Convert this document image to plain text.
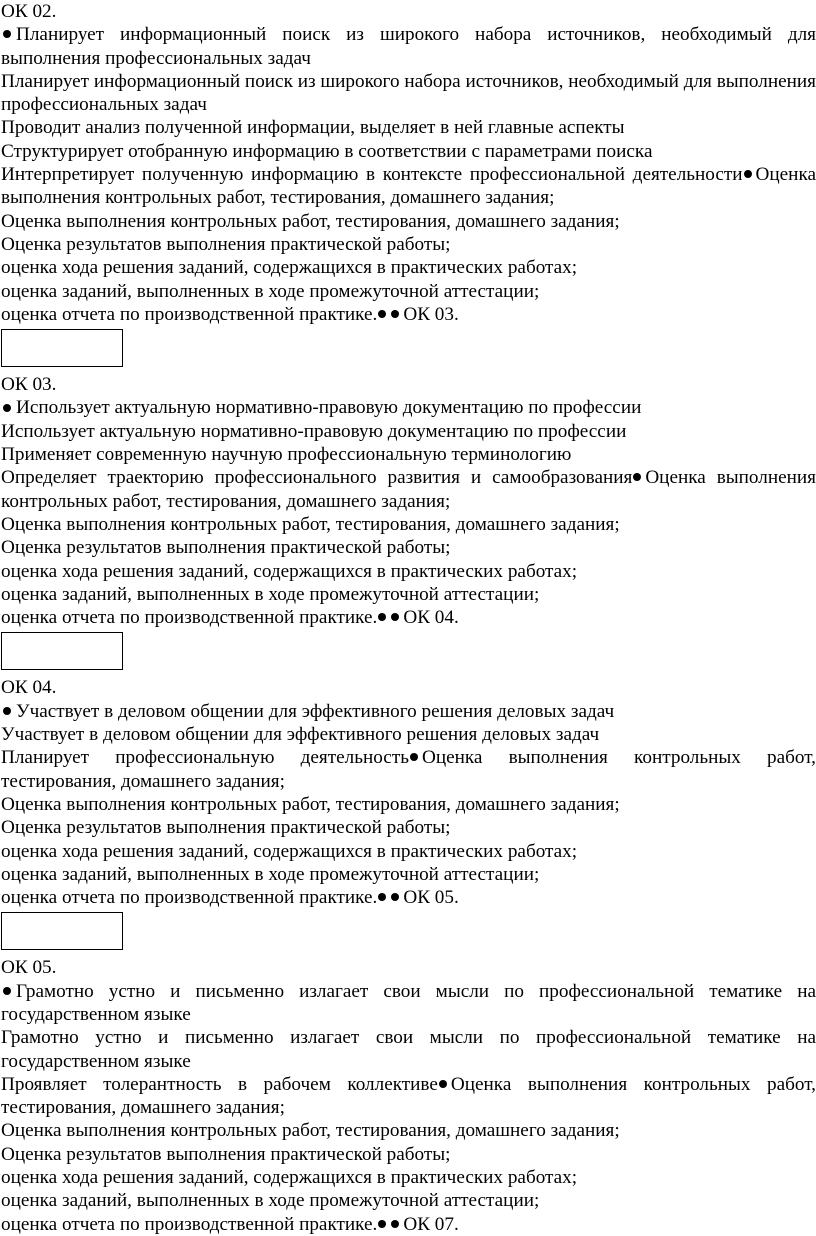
ОК 02.

Планирует информационный поиск из широкого набора источников, необходимый для выполнения профессиональных задач

Планирует информационный поиск из широкого набора источников, необходимый для выполнения профессиональных задач

Проводит анализ полученной информации, выделяет в ней главные аспекты

Структурирует отобранную информацию в соответствии с параметрами поиска

Интерпретирует полученную информацию в контексте профессиональной деятельности Оценка выполнения контрольных работ, тестирования, домашнего задания;

Оценка выполнения контрольных работ, тестирования, домашнего задания;

Оценка результатов выполнения практической работы;

оценка хода решения заданий, содержащихся в практических работах;

оценка заданий, выполненных в ходе промежуточной аттестации;

оценка отчета по производственной практике. ОК 03.

ОК 03.

Использует актуальную нормативно-правовую документацию по профессии

Использует актуальную нормативно-правовую документацию по профессии

Применяет современную научную профессиональную терминологию

Определяет траекторию профессионального развития и самообразования Оценка выполнения контрольных работ, тестирования, домашнего задания;

Оценка выполнения контрольных работ, тестирования, домашнего задания;

Оценка результатов выполнения практической работы;

оценка хода решения заданий, содержащихся в практических работах;

оценка заданий, выполненных в ходе промежуточной аттестации;

оценка отчета по производственной практике. ОК 04.

ОК 04.

Участвует в деловом общении для эффективного решения деловых задач

Участвует в деловом общении для эффективного решения деловых задач

Планирует профессиональную деятельность Оценка выполнения контрольных работ, тестирования, домашнего задания;

Оценка выполнения контрольных работ, тестирования, домашнего задания;

Оценка результатов выполнения практической работы;

оценка хода решения заданий, содержащихся в практических работах;

оценка заданий, выполненных в ходе промежуточной аттестации;

оценка отчета по производственной практике. ОК 05.

ОК 05.

Грамотно устно и письменно излагает свои мысли по профессиональной тематике на государственном языке

Грамотно устно и письменно излагает свои мысли по профессиональной тематике на государственном языке

Проявляет толерантность в рабочем коллективе Оценка выполнения контрольных работ, тестирования, домашнего задания;

Оценка выполнения контрольных работ, тестирования, домашнего задания;

Оценка результатов выполнения практической работы;

оценка хода решения заданий, содержащихся в практических работах;

оценка заданий, выполненных в ходе промежуточной аттестации;

оценка отчета по производственной практике. ОК 07.
